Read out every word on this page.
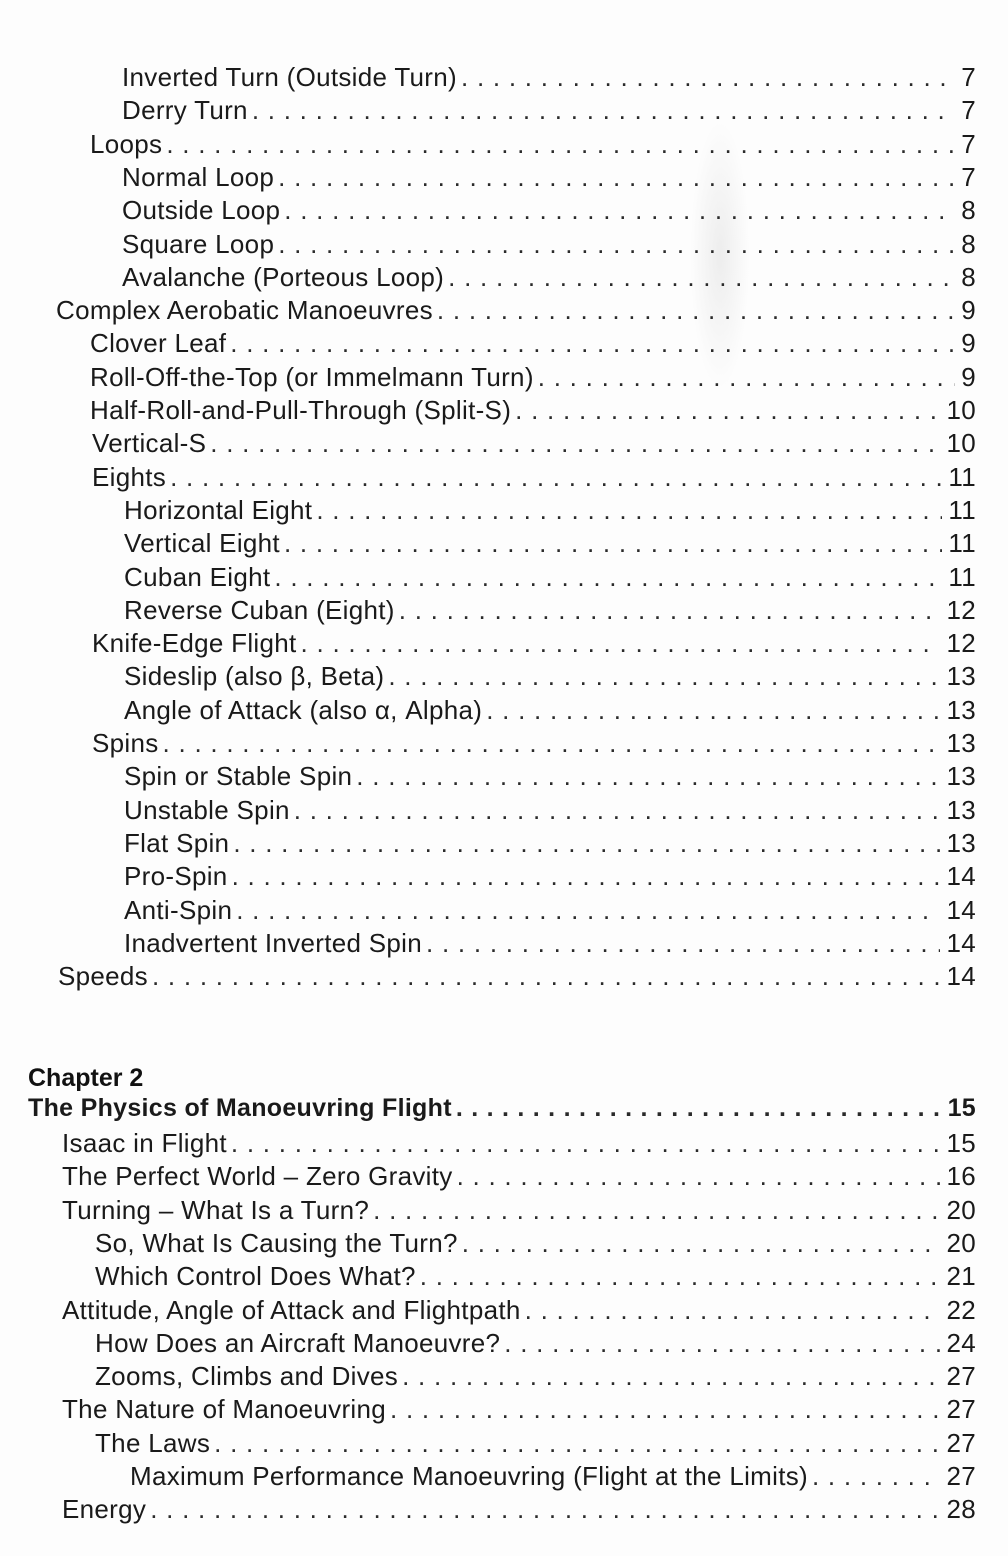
Inverted Turn (Outside Turn) . . .	7
Derry Turn . . .	7
Loops . . .	7
Normal Loop . . .	7
Outside Loop . . .	8
Square Loop . . .	8
Avalanche (Porteous Loop) . . .	8
Complex Aerobatic Manoeuvres . . .	9
Clover Leaf . . .	9
Roll-Off-the-Top (or Immelmann Turn) . . .	9
Half-Roll-and-Pull-Through (Split-S) . . .	10
Vertical-S . . .	10
Eights . . .	11
Horizontal Eight . . .	11
Vertical Eight . . .	11
Cuban Eight . . .	11
Reverse Cuban (Eight) . . .	12
Knife-Edge Flight . . .	12
Sideslip (also β, Beta) . . .	13
Angle of Attack (also α, Alpha) . . .	13
Spins . . .	13
Spin or Stable Spin . . .	13
Unstable Spin . . .	13
Flat Spin . . .	13
Pro-Spin . . .	14
Anti-Spin . . .	14
Inadvertent Inverted Spin . . .	14
Speeds . . .	14
Chapter 2
The Physics of Manoeuvring Flight . . .	15
Isaac in Flight . . .	15
The Perfect World – Zero Gravity . . .	16
Turning – What Is a Turn? . . .	20
So, What Is Causing the Turn? . . .	20
Which Control Does What? . . .	21
Attitude, Angle of Attack and Flightpath . . .	22
How Does an Aircraft Manoeuvre? . . .	24
Zooms, Climbs and Dives . . .	27
The Nature of Manoeuvring . . .	27
The Laws . . .	27
Maximum Performance Manoeuvring (Flight at the Limits) . . .	27
Energy . . .	28
